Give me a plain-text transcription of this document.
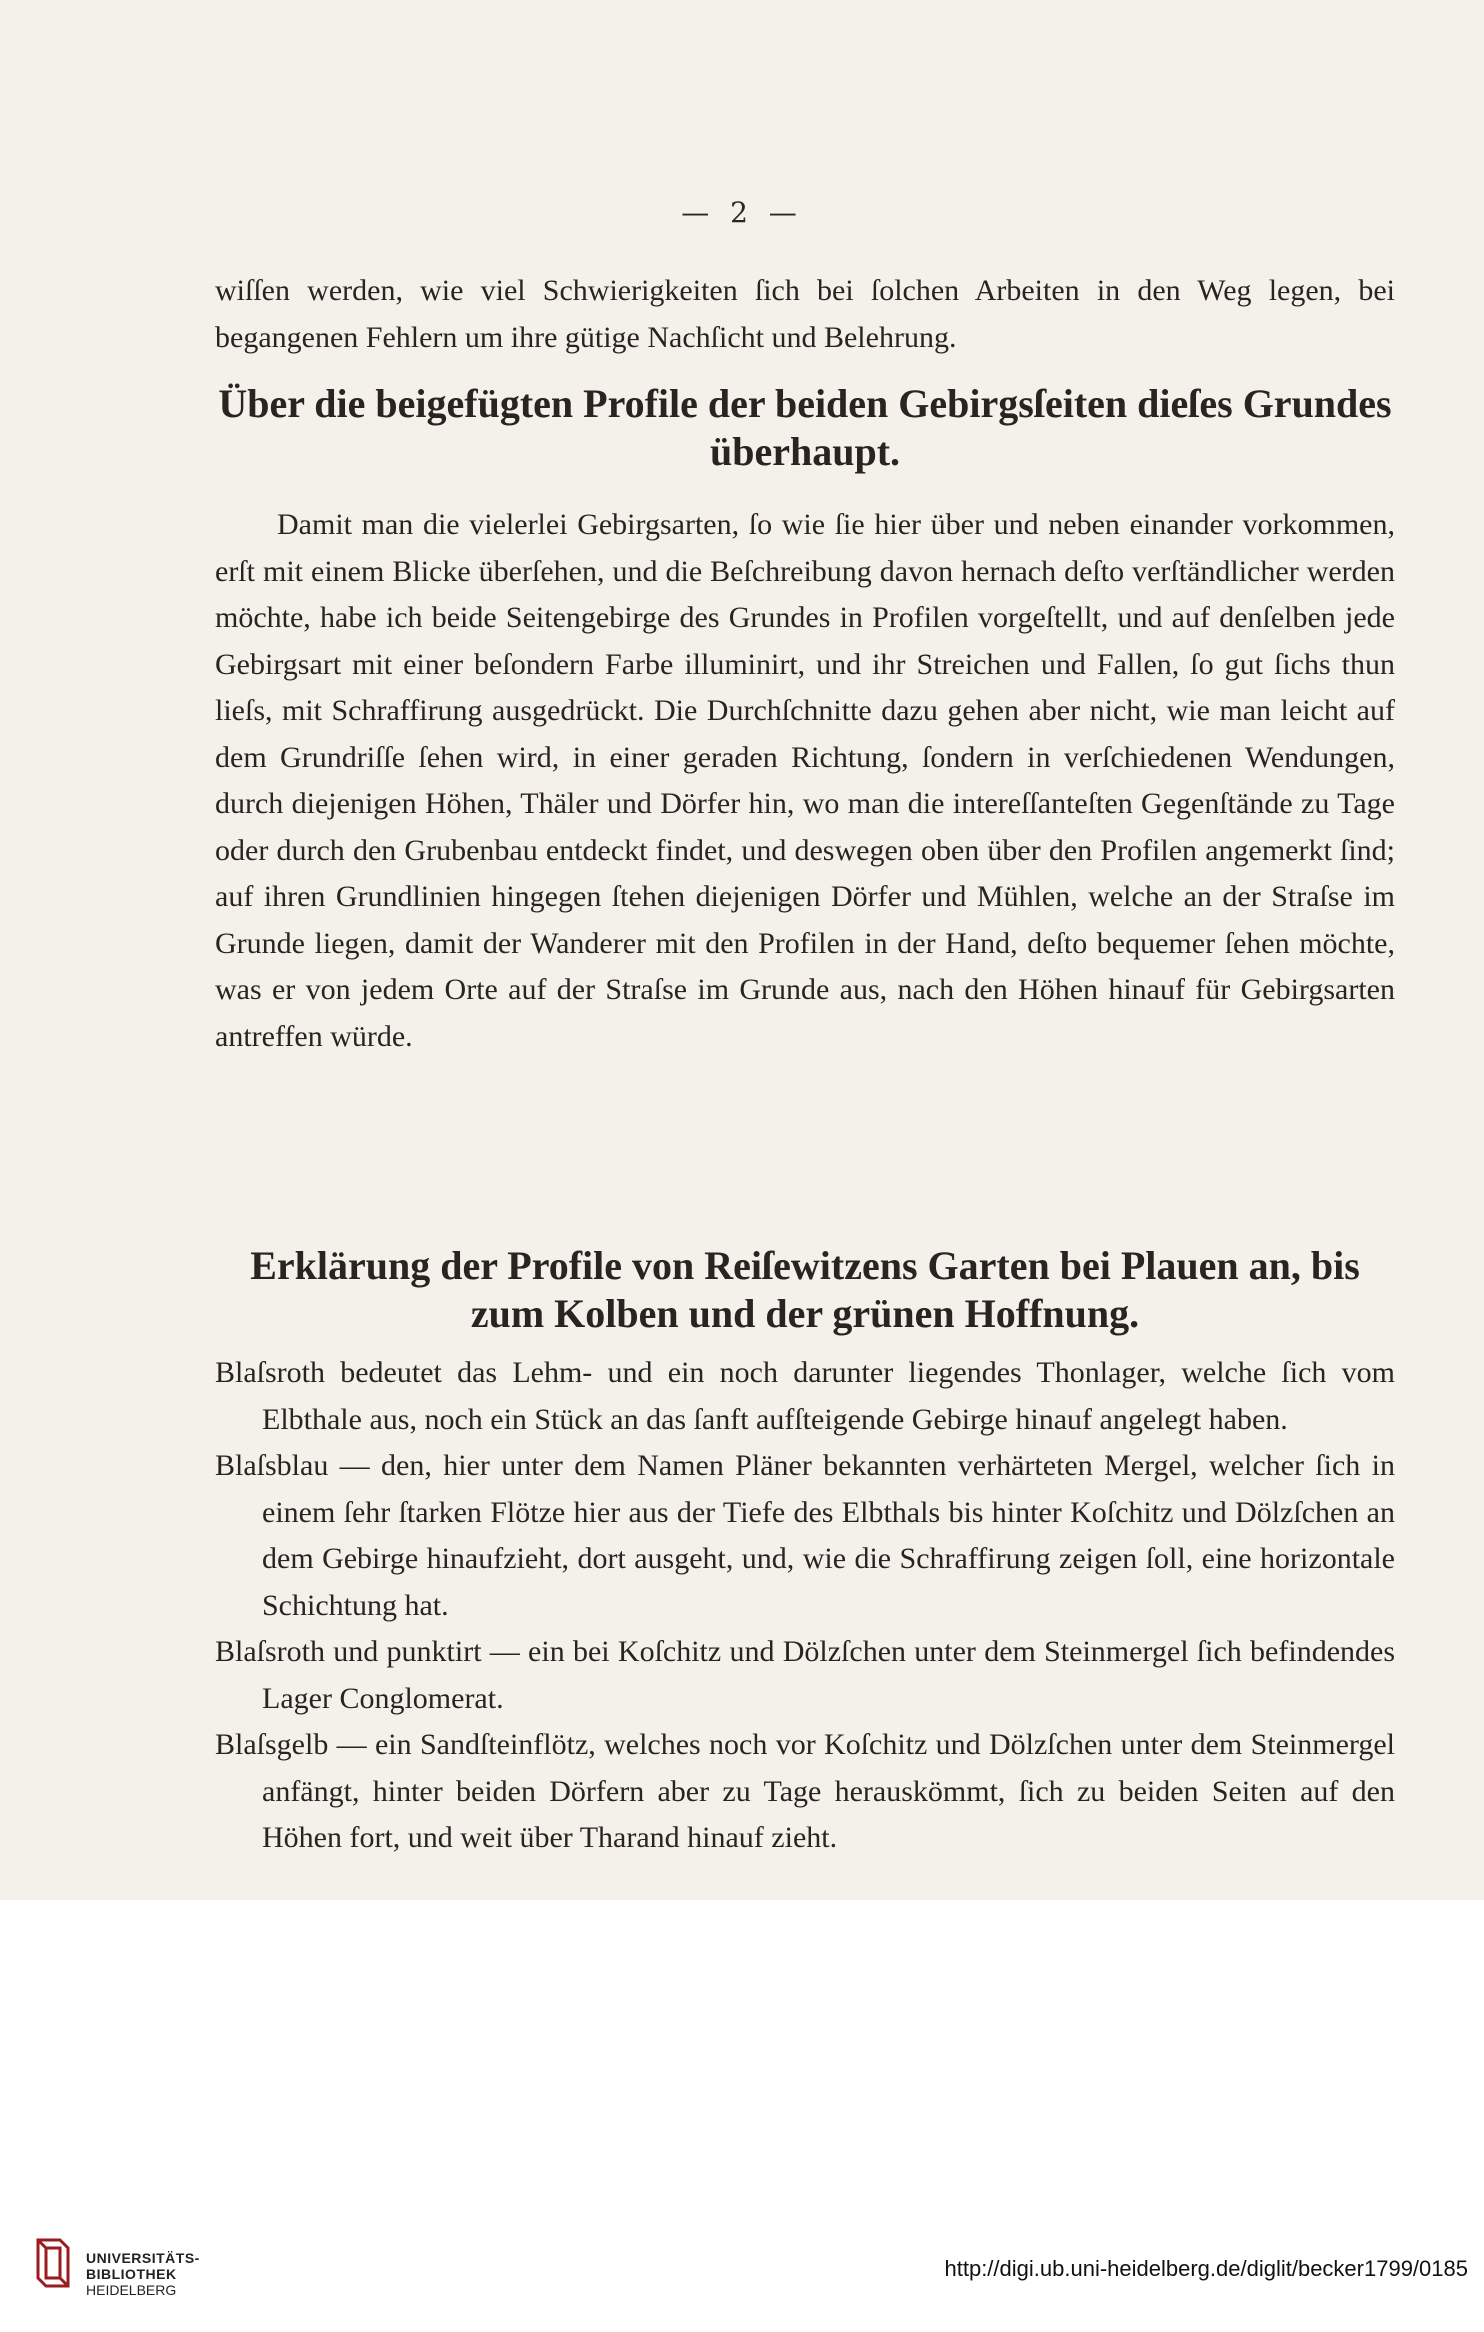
— 2 —

wiſſen werden, wie viel Schwierigkeiten ſich bei ſolchen Arbeiten in den Weg legen, bei begangenen Fehlern um ihre gütige Nachſicht und Belehrung.

Über die beigefügten Profile der beiden Gebirgsſeiten dieſes Grundes überhaupt.

Damit man die vielerlei Gebirgsarten, ſo wie ſie hier über und neben einander vorkommen, erſt mit einem Blicke überſehen, und die Beſchreibung davon hernach deſto verſtändlicher werden möchte, habe ich beide Seitengebirge des Grundes in Profilen vorgeſtellt, und auf denſelben jede Gebirgsart mit einer beſondern Farbe illuminirt, und ihr Streichen und Fallen, ſo gut ſichs thun lieſs, mit Schraffirung ausgedrückt. Die Durchſchnitte dazu gehen aber nicht, wie man leicht auf dem Grundriſſe ſehen wird, in einer geraden Richtung, ſondern in verſchiedenen Wendungen, durch diejenigen Höhen, Thäler und Dörfer hin, wo man die intereſſanteſten Gegenſtände zu Tage oder durch den Grubenbau entdeckt findet, und deswegen oben über den Profilen angemerkt ſind; auf ihren Grundlinien hingegen ſtehen diejenigen Dörfer und Mühlen, welche an der Straſse im Grunde liegen, damit der Wanderer mit den Profilen in der Hand, deſto bequemer ſehen möchte, was er von jedem Orte auf der Straſse im Grunde aus, nach den Höhen hinauf für Gebirgsarten antreffen würde.

Erklärung der Profile von Reiſewitzens Garten bei Plauen an, bis zum Kolben und der grünen Hoffnung.

Blaſsroth bedeutet das Lehm- und ein noch darunter liegendes Thonlager, welche ſich vom Elbthale aus, noch ein Stück an das ſanft aufſteigende Gebirge hinauf angelegt haben.

Blaſsblau — den, hier unter dem Namen Pläner bekannten verhärteten Mergel, welcher ſich in einem ſehr ſtarken Flötze hier aus der Tiefe des Elbthals bis hinter Koſchitz und Dölzſchen an dem Gebirge hinaufzieht, dort ausgeht, und, wie die Schraffirung zeigen ſoll, eine horizontale Schichtung hat.

Blaſsroth und punktirt — ein bei Koſchitz und Dölzſchen unter dem Steinmergel ſich befindendes Lager Conglomerat.

Blaſsgelb — ein Sandſteinflötz, welches noch vor Koſchitz und Dölzſchen unter dem Steinmergel anfängt, hinter beiden Dörfern aber zu Tage herauskömmt, ſich zu beiden Seiten auf den Höhen fort, und weit über Tharand hinauf zieht.

UNIVERSITÄTS-
BIBLIOTHEK
HEIDELBERG
http://digi.ub.uni-heidelberg.de/diglit/becker1799/0185
